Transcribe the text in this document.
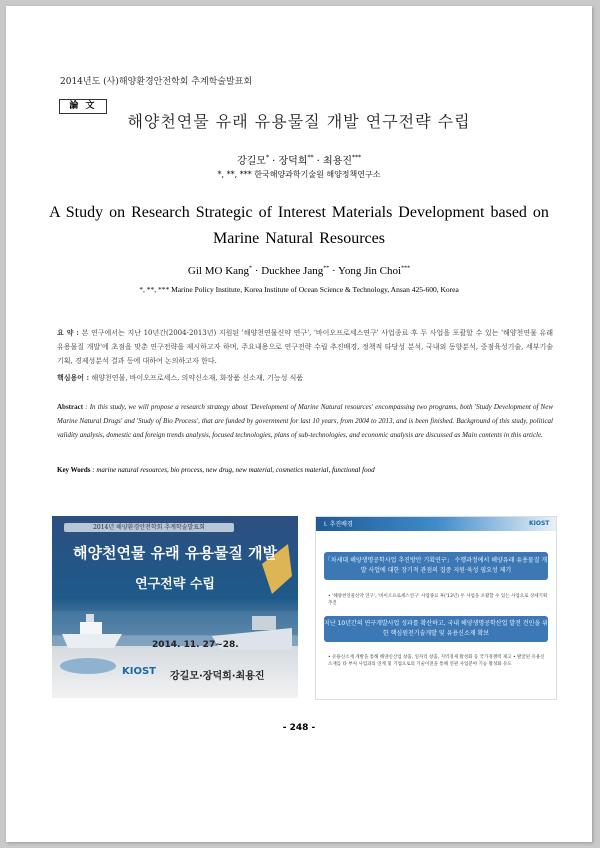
2014년도 (사)해양환경안전학회 추계학술발표회
論 文
해양천연물 유래 유용물질 개발 연구전략 수립
강길모* · 장덕희** · 최용진***
*, **, *** 한국해양과학기술원 해양정책연구소
A Study on Research Strategic of Interest Materials Development based on Marine Natural Resources
Gil MO Kang* · Duckhee Jang** · Yong Jin Choi***
*, **, *** Marine Policy Institute, Korea Institute of Ocean Science & Technology, Ansan 425-600, Korea
요 약 : 본 연구에서는 지난 10년간(2004-2013년) 지원된 '해양천연물신약 연구', '바이오프로세스연구' 사업종료 후 두 사업을 포괄할 수 있는 '해양천연물 유래 유용물질 개발'에 초점을 맞춘 연구전략을 제시하고자 하며, 주요내용으로 연구전략 수립 추진배경, 정책적 타당성 분석, 국내외 동향분석, 중점육성기술, 세부기술기획, 경제성분석 결과 등에 대하여 논의하고자 한다.
핵심용어 : 해양천연물, 바이오프로세스, 의약신소재, 화장품 신소재, 기능성 식품
Abstract : In this study, we will propose a research strategy about 'Development of Marine Natural resources' encompassing two programs, both 'Study Development of New Marine Natural Drugs' and 'Study of Bio Process', that are funded by government for last 10 years, from 2004 to 2013, and is been finished. Background of this study, political validity analysis, domestic and foreign trends analysis, focused technologies, plans of sub-technologies, and economic analysis are discussed as Main contents in this article.
Key Words : marine natural resources, bio process, new drug, new material, cosmetics material, functional food
2014년 해양환경안전학회 추계학술발표회
해양천연물 유래 유용물질 개발
연구전략 수립
2014. 11. 27~28.
KIOST 강길모·장덕희·최용진
I. 추진배경	KIOST
「차세대 해양생명공학사업 추진방안 기획연구」 수행과정에서 해양유래 유용물질 개발 사업에 대한 장기적 관점의 집중 지원·육성 필요성 제기
• '해양천연물신약 연구', '바이오프로세스연구' 사업종료 후('13년) 두 사업을 포괄할 수 있는 사업으로 상세기획 추진
지난 10년간의 연구개발사업 성과를 확산하고, 국내 해양생명공학산업 발전 견인을 위한 핵심원천기술개발 및 유용신소재 확보
• 유용신소재 개발을 통해 해양신산업 창출, 일자리 창출, 지역경제 활성화 등 국가경쟁력 제고 • 발굴된 유용신소재를 타 부처 사업과의 연계 및 기업으로의 기술이전을 통해 연관 사업분야 기능 활성화 유도
- 248 -
